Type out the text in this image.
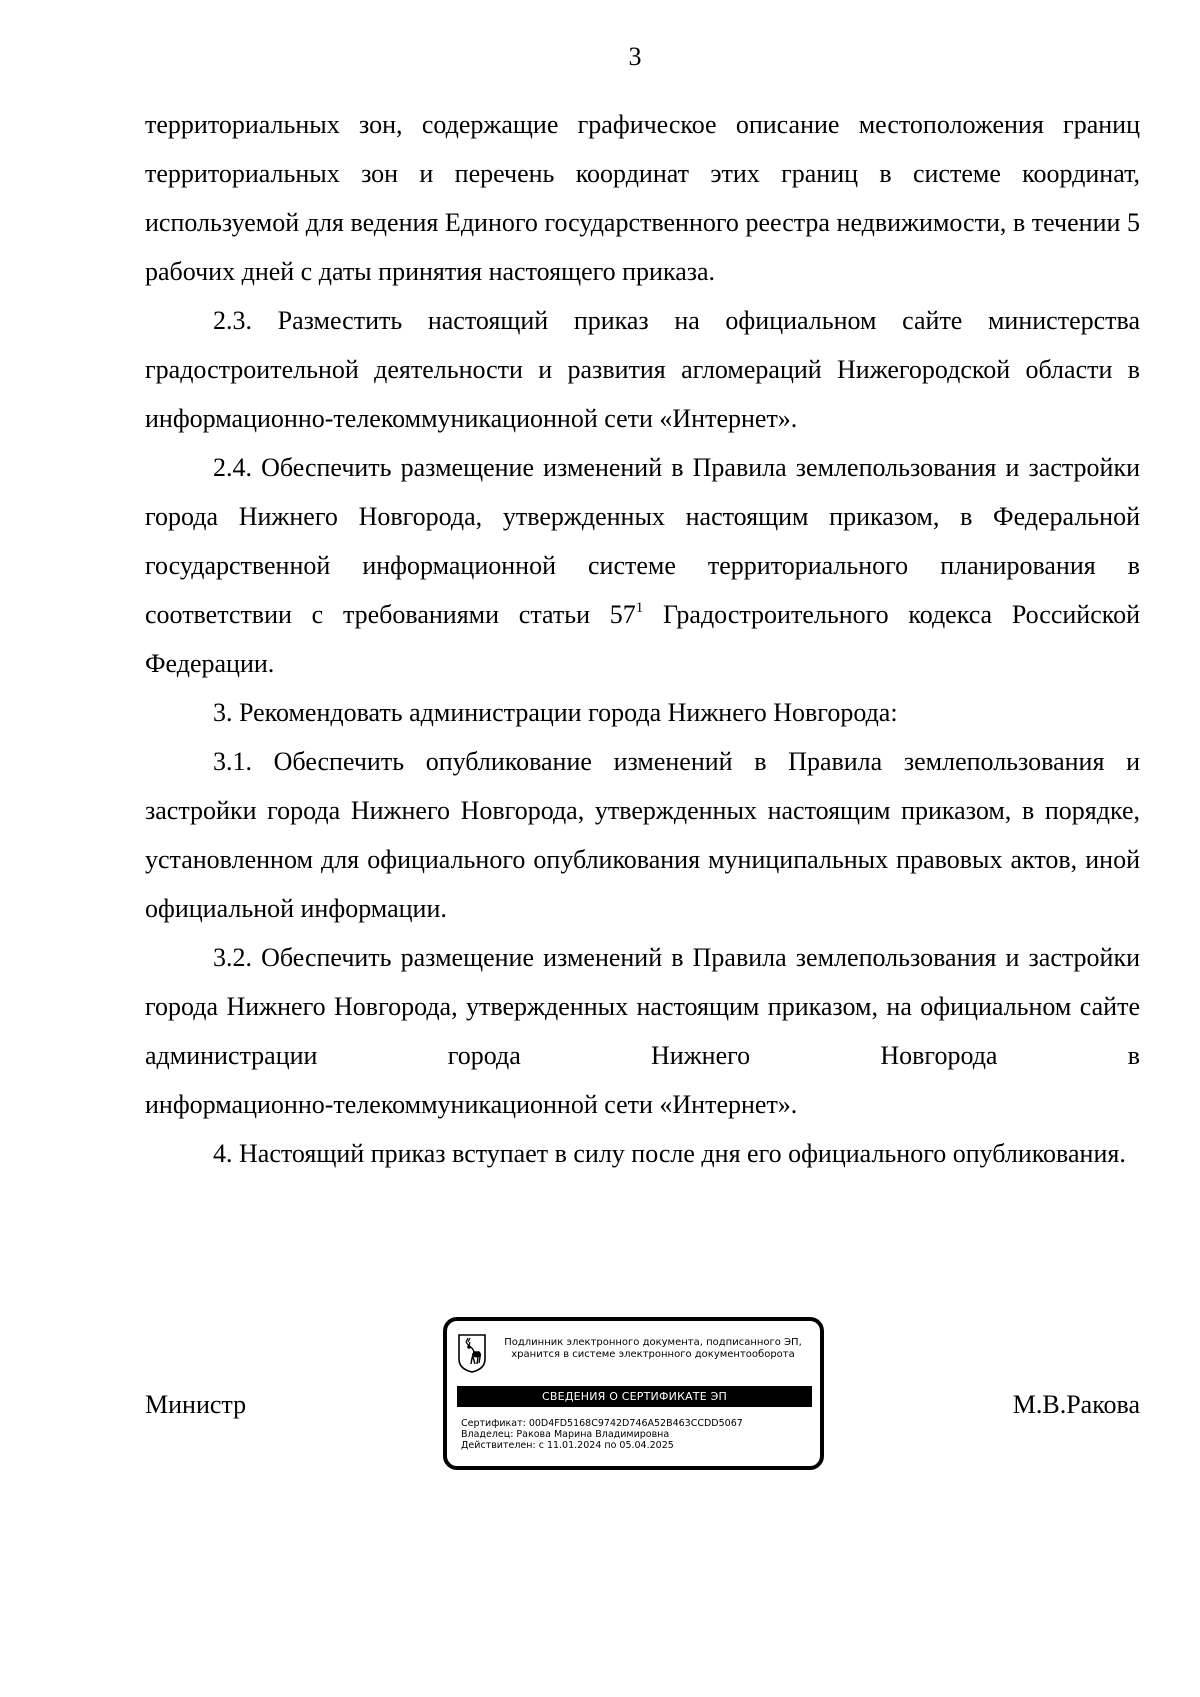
3

территориальных зон, содержащие графическое описание местоположения границ территориальных зон и перечень координат этих границ в системе координат, используемой для ведения Единого государственного реестра недвижимости, в течении 5 рабочих дней с даты принятия настоящего приказа.

2.3. Разместить настоящий приказ на официальном сайте министерства градостроительной деятельности и развития агломераций Нижегородской области в информационно-телекоммуникационной сети «Интернет».

2.4. Обеспечить размещение изменений в Правила землепользования и застройки города Нижнего Новгорода, утвержденных настоящим приказом, в Федеральной государственной информационной системе территориального планирования в соответствии с требованиями статьи $57^1$ Градостроительного кодекса Российской Федерации.

3. Рекомендовать администрации города Нижнего Новгорода:

3.1. Обеспечить опубликование изменений в Правила землепользования и застройки города Нижнего Новгорода, утвержденных настоящим приказом, в порядке, установленном для официального опубликования муниципальных правовых актов, иной официальной информации.

3.2. Обеспечить размещение изменений в Правила землепользования и застройки города Нижнего Новгорода, утвержденных настоящим приказом, на официальном сайте администрации города Нижнего Новгорода в

информационно-телекоммуникационной сети «Интернет».

4. Настоящий приказ вступает в силу после дня его официального опубликования.

Министр	М.В.Ракова
Подлинник электронного документа, подписанного ЭП,
хранится в системе электронного документооборота
СВЕДЕНИЯ О СЕРТИФИКАТЕ ЭП
Сертификат: 00D4FD5168C9742D746A52B463CCDD5067
Владелец: Ракова Марина Владимировна
Действителен: с 11.01.2024 по 05.04.2025
